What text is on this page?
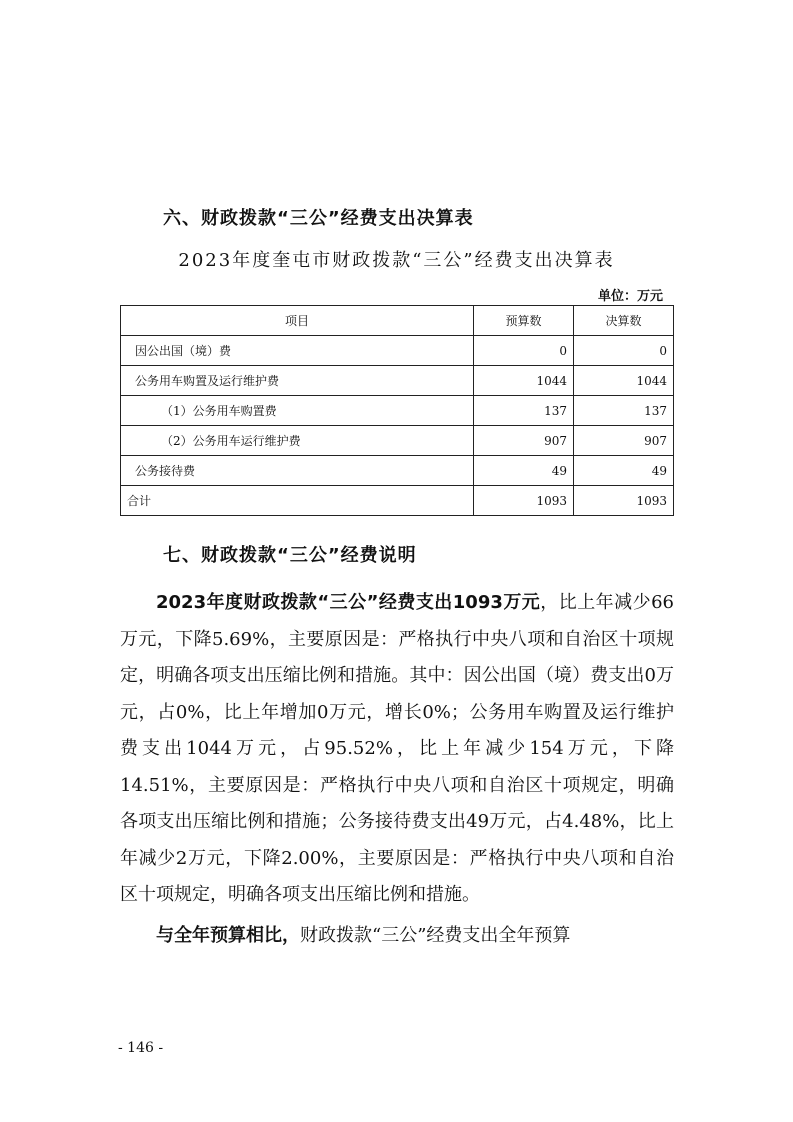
六、财政拨款“三公”经费支出决算表
2023年度奎屯市财政拨款“三公”经费支出决算表
单位：万元
项目	预算数	决算数
因公出国（境）费	0	0
公务用车购置及运行维护费	1044	1044
（1）公务用车购置费	137	137
（2）公务用车运行维护费	907	907
公务接待费	49	49
合计	1093	1093
七、财政拨款“三公”经费说明

2023年度财政拨款“三公”经费支出1093万元，比上年减少66万元，下降5.69%，主要原因是：严格执行中央八项和自治区十项规定，明确各项支出压缩比例和措施。其中：因公出国（境）费支出0万元，占0%，比上年增加0万元，增长0%；公务用车购置及运行维护费支出1044万元，占95.52%，比上年减少154万元，下降14.51%，主要原因是：严格执行中央八项和自治区十项规定，明确各项支出压缩比例和措施；公务接待费支出49万元，占4.48%，比上年减少2万元，下降2.00%，主要原因是：严格执行中央八项和自治区十项规定，明确各项支出压缩比例和措施。

与全年预算相比，财政拨款“三公”经费支出全年预算

- 146 -
